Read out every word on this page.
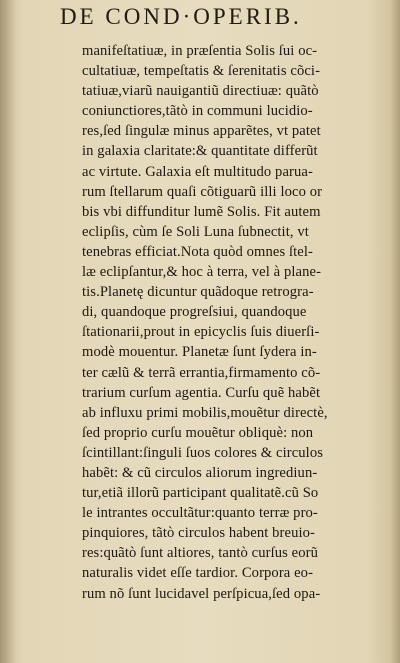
DE COND·OPERIB.
manifeſtatiuæ, in præſentia Solis ſui oc-
cultatiuæ, tempeſtatis & ſerenitatis cõci-
tatiuæ,viarũ nauigantiũ directiuæ: quãtò
coniunctiores,tãtò in communi lucidio-
res,ſed ſingulæ minus apparẽtes, vt patet
in galaxia claritate:& quantitate differũt
ac virtute. Galaxia eſt multitudo parua-
rum ſtellarum quaſi cõtiguarũ illi loco or
bis vbi diffunditur lumẽ Solis. Fit autem
eclipſis, cùm ſe Soli Luna ſubnectit, vt
tenebras efficiat.Nota quòd omnes ſtel-
læ eclipſantur,& hoc à terra, vel à plane-
tis.Planetę dicuntur quãdoque retrogra-
di, quandoque progreſsiui, quandoque
ſtationarii,prout in epicyclis ſuis diuerſi-
modè mouentur. Planetæ ſunt ſydera in-
ter cælũ & terrã errantia,firmamento cõ-
trarium curſum agentia. Curſu quẽ habẽt
ab influxu primi mobilis,mouẽtur directè,
ſed proprio curſu mouẽtur obliquè: non
ſcintillant:ſinguli ſuos colores & circulos
habẽt: & cũ circulos aliorum ingrediun-
tur,etiã illorũ participant qualitatẽ.cũ So
le intrantes occultãtur:quanto terræ pro-
pinquiores, tãtò circulos habent breuio-
res:quãtò ſunt altiores, tantò curſus eorũ
naturalis videt eſſe tardior. Corpora eo-
rum nõ ſunt lucidavel perſpicua,ſed opa-
